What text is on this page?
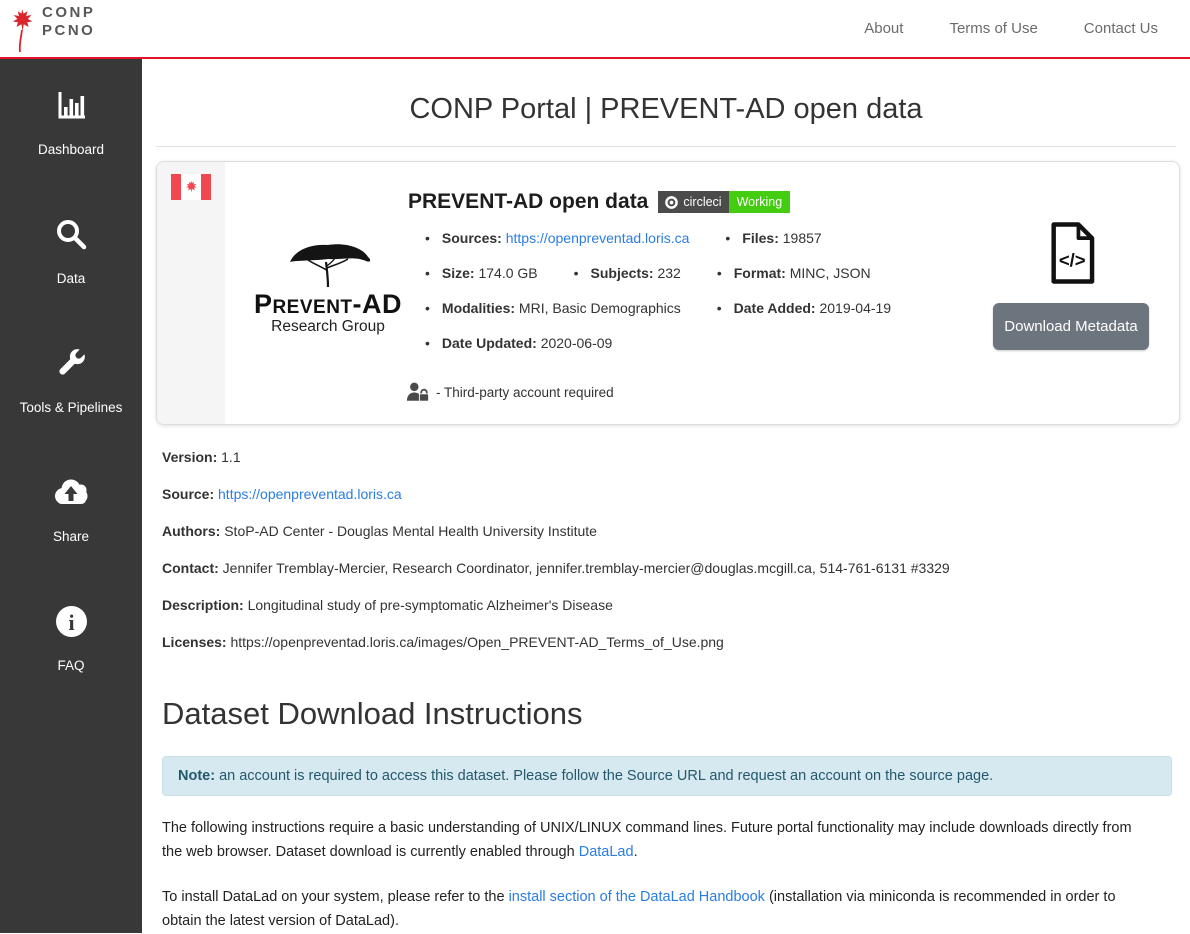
CONP
PCNO	About	Terms of Use	Contact Us
Dashboard
Data
Tools & Pipelines
Share
i
FAQ
CONP Portal | PREVENT-AD open data
PREVENT-AD open data	circleci	Working
Prevent-AD
Research Group
• Sources: https://openpreventad.loris.ca	• Files: 19857
• Size: 174.0 GB	• Subjects: 232	• Format: MINC, JSON
• Modalities: MRI, Basic Demographics	• Date Added: 2019-04-19
• Date Updated: 2020-06-09
- Third-party account required
</>
Download Metadata
Version: 1.1
Source: https://openpreventad.loris.ca
Authors: StoP-AD Center - Douglas Mental Health University Institute
Contact: Jennifer Tremblay-Mercier, Research Coordinator, jennifer.tremblay-mercier@douglas.mcgill.ca, 514-761-6131 #3329
Description: Longitudinal study of pre-symptomatic Alzheimer's Disease
Licenses: https://openpreventad.loris.ca/images/Open_PREVENT-AD_Terms_of_Use.png
Dataset Download Instructions
Note: an account is required to access this dataset. Please follow the Source URL and request an account on the source page.
The following instructions require a basic understanding of UNIX/LINUX command lines. Future portal functionality may include downloads directly from the web browser. Dataset download is currently enabled through DataLad.
To install DataLad on your system, please refer to the install section of the DataLad Handbook (installation via miniconda is recommended in order to obtain the latest version of DataLad).
